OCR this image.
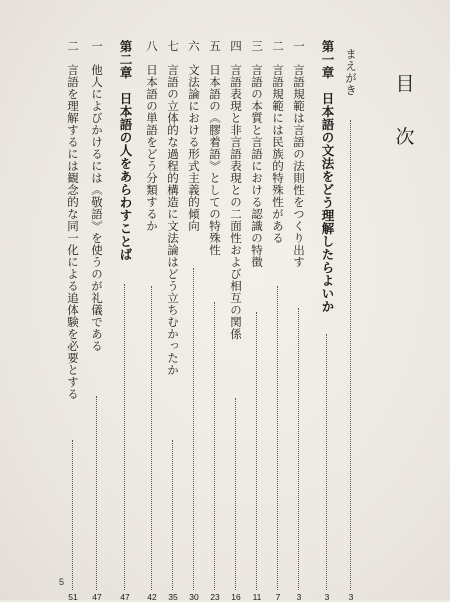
目
次
まえがき
3
第一章　日本語の文法をどう理解したらよいか
3
一　言語規範は言語の法則性をつくり出す
3
二　言語規範には民族的特殊性がある
7
三　言語の本質と言語における認識の特徴
11
四　言語表現と非言語表現との二面性および相互の関係
16
五　日本語の《膠着語》としての特殊性
23
六　文法論における形式主義的傾向
30
七　言語の立体的な過程的構造に文法論はどう立ちむかったか
35
八　日本語の単語をどう分類するか
42
第二章　日本語の人をあらわすことば
47
一　他人によびかけるには《敬語》を使うのが礼儀である
47
二　言語を理解するには観念的な同一化による追体験を必要とする
51
5
